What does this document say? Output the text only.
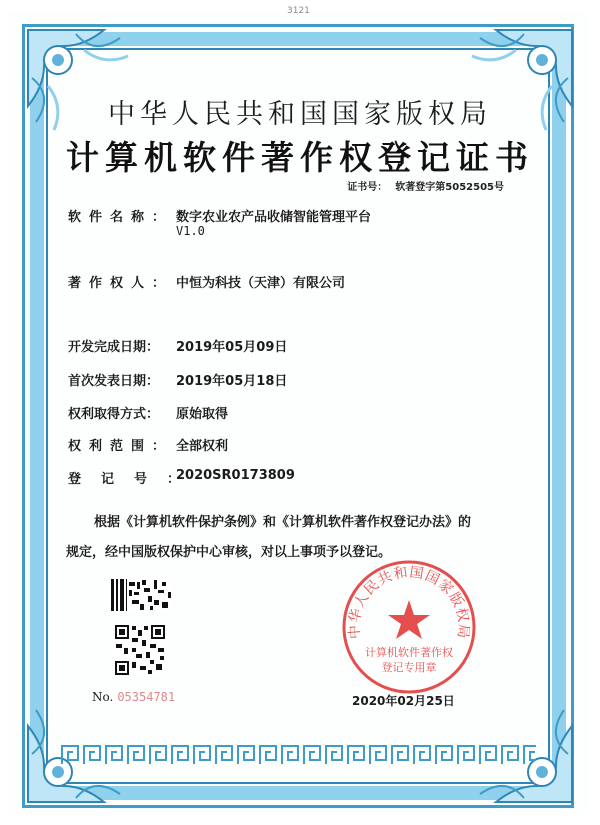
3121
中华人民共和国国家版权局
计算机软件著作权登记证书
证书号： 软著登字第5052505号
软件名称： 数字农业农产品收储智能管理平台
V1.0
著作权人： 中恒为科技（天津）有限公司
开发完成日期：	2019年05月09日
首次发表日期：	2019年05月18日
权利取得方式：	原始取得
权利范围： 全部权利
登记号：
2020SR0173809
根据《计算机软件保护条例》和《计算机软件著作权登记办法》的
规定，经中国版权保护中心审核，对以上事项予以登记。
No. 05354781
中华人民共和国国家版权局
计算机软件著作权
登记专用章
2020年02月25日
